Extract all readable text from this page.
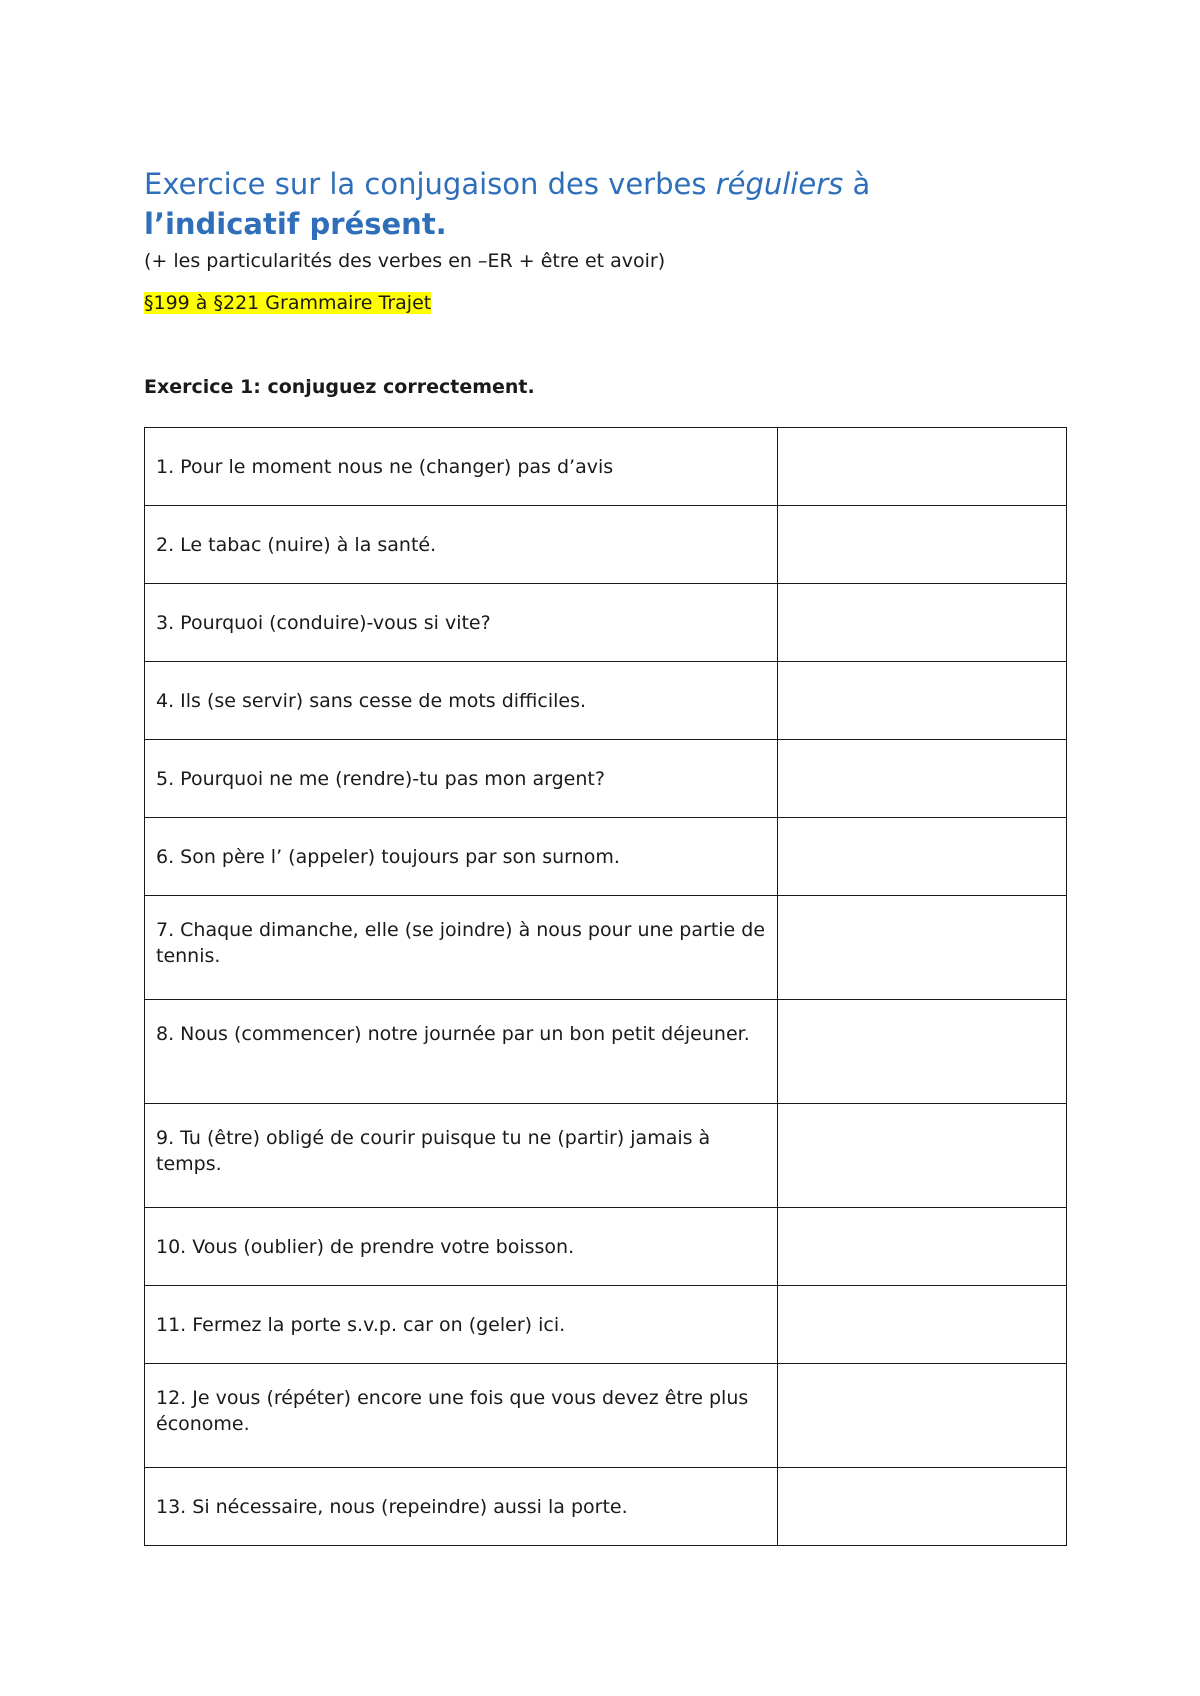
Exercice sur la conjugaison des verbes réguliers à
l’indicatif présent.

(+ les particularités des verbes en –ER + être et avoir)

§199 à §221 Grammaire Trajet

Exercice 1: conjuguez correctement.

1. Pour le moment nous ne (changer) pas d’avis	
2. Le tabac (nuire) à la santé.	
3. Pourquoi (conduire)-vous si vite?	
4. Ils (se servir) sans cesse de mots difficiles.	
5. Pourquoi ne me (rendre)-tu pas mon argent?	
6. Son père l’ (appeler) toujours par son surnom.	
7. Chaque dimanche, elle (se joindre) à nous pour une partie de tennis.	
8. Nous (commencer) notre journée par un bon petit déjeuner.	
9. Tu (être) obligé de courir puisque tu ne (partir) jamais à temps.	
10. Vous (oublier) de prendre votre boisson.	
11. Fermez la porte s.v.p. car on (geler) ici.	
12. Je vous (répéter) encore une fois que vous devez être plus économe.	
13. Si nécessaire, nous (repeindre) aussi la porte.	
